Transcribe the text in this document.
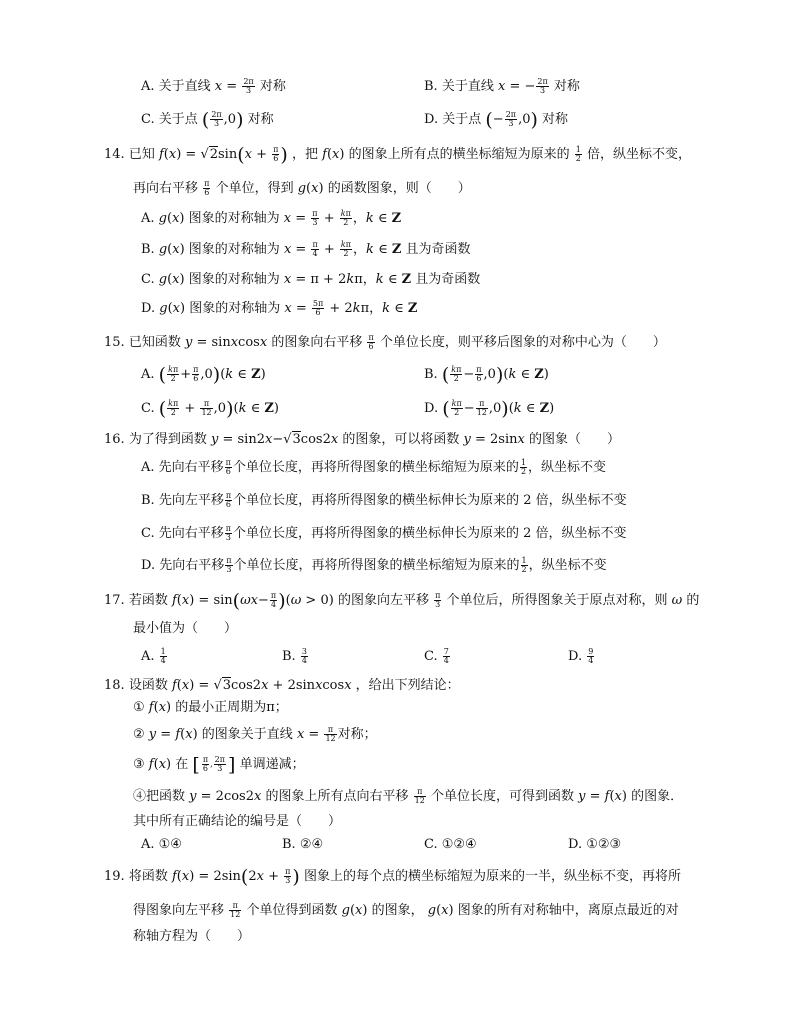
A. 关于直线 $x = \frac{2\pi}{3}$ 对称	B. 关于直线 x = − $\frac{2\pi}{3}$ 对称
C. 关于点 ( $\frac{2\pi}{3} ,0$) 对称	D. 关于点 (− $\frac{2\pi}{3} ,0$) 对称
14. 已知 $f(x) = √2\sin(x + \frac{\pi}{6}$ ) ，把 f(x) 的图象上所有点的横坐标缩短为原来的 $\frac{1}{2}$ 倍，纵坐标不变，
再向右平移 $\frac{\pi}{6}$ 个单位，得到 g(x) 的函数图象，则（　　）
A. g(x) 图象的对称轴为 $x = \frac{\pi}{3} + \frac{k\pi}{2}$ ，k ∈ Z
B. g(x) 图象的对称轴为 $x = \frac{\pi}{4} + \frac{k\pi}{2}$ ，k ∈ Z 且为奇函数
C. g(x) 图象的对称轴为 x = π + 2kπ，k ∈ Z 且为奇函数
D. g(x) 图象的对称轴为 $x = \frac{5\pi}{6} + 2k\pi$，k ∈ Z
15. 已知函数 y = sinxcosx 的图象向右平移 $\frac{\pi}{6}$ 个单位长度，则平移后图象的对称中心为（　　）
A. ( $\frac{k\pi}{2} + \frac{\pi}{6} ,0)(k$ ∈ Z)	B. ( $\frac{k\pi}{2} - \frac{\pi}{6} ,0)(k$ ∈ Z)
C. ( $\frac{k\pi}{2} + \frac{\pi}{12} ,0)(k$ ∈ Z)	D. ( $\frac{k\pi}{2} - \frac{\pi}{12} ,0)(k$ ∈ Z)
16. 为了得到函数 y = sin2x−√3cos2x 的图象，可以将函数 y = 2sinx 的图象（　　）
A. 先向右平移 $\frac{\pi}{6}$ 个单位长度，再将所得图象的横坐标缩短为原来的 $\frac{1}{2}$ ，纵坐标不变
B. 先向左平移 $\frac{\pi}{6}$ 个单位长度，再将所得图象的横坐标伸长为原来的 2 倍，纵坐标不变
C. 先向右平移 $\frac{\pi}{3}$ 个单位长度，再将所得图象的横坐标伸长为原来的 2 倍，纵坐标不变
D. 先向右平移 $\frac{\pi}{3}$ 个单位长度，再将所得图象的横坐标缩短为原来的 $\frac{1}{2}$ ，纵坐标不变
17. 若函数 $f(x) = \sin(\omega x- \frac{\pi}{4} )(\omega > 0)$ 的图象向左平移 $\frac{\pi}{3}$ 个单位后，所得图象关于原点对称，则 ω 的
最小值为（　　）
A. $\frac{1}{4}$	B. $\frac{3}{4}$	C. $\frac{7}{4}$	D. $\frac{9}{4}$
18. 设函数 f(x) = √3cos2x + 2sinxcosx ，给出下列结论：
① f(x) 的最小正周期为π；
② y = f(x) 的图象关于直线 $x = \frac{\pi}{12}$ 对称；
③ f(x) 在 [ $\frac{\pi}{6}$ , $\frac{2\pi}{3}$ ] 单调递减；
④把函数 y = 2cos2x 的图象上所有点向右平移 $\frac{\pi}{12}$ 个单位长度，可得到函数 y = f(x) 的图象．
其中所有正确结论的编号是（　　）
A. ①④	B. ②④	C. ①②④	D. ①②③
19. 将函数 $f(x) = 2\sin(2x + \frac{\pi}{3}$ ) 图象上的每个点的横坐标缩短为原来的一半，纵坐标不变，再将所
得图象向左平移 $\frac{\pi}{12}$ 个单位得到函数 g(x) 的图象， g(x) 图象的所有对称轴中，离原点最近的对
称轴方程为（　　）
